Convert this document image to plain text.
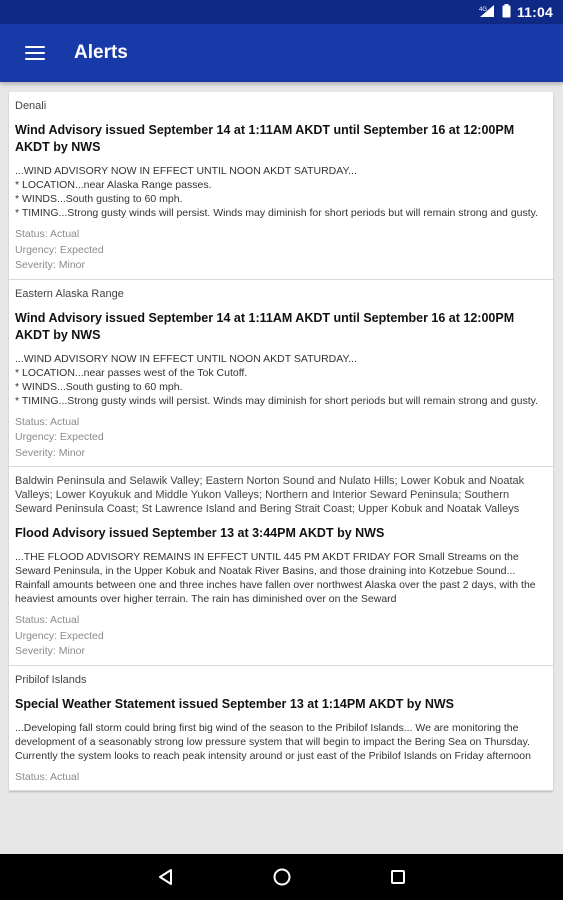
4G 11:04
Alerts
Denali
Wind Advisory issued September 14 at 1:11AM AKDT until September 16 at 12:00PM AKDT by NWS
...WIND ADVISORY NOW IN EFFECT UNTIL NOON AKDT SATURDAY...
* LOCATION...near Alaska Range passes.
* WINDS...South gusting to 60 mph.
* TIMING...Strong gusty winds will persist. Winds may diminish for short periods but will remain strong and gusty.
Status: Actual
Urgency: Expected
Severity: Minor
Eastern Alaska Range
Wind Advisory issued September 14 at 1:11AM AKDT until September 16 at 12:00PM AKDT by NWS
...WIND ADVISORY NOW IN EFFECT UNTIL NOON AKDT SATURDAY...
* LOCATION...near passes west of the Tok Cutoff.
* WINDS...South gusting to 60 mph.
* TIMING...Strong gusty winds will persist. Winds may diminish for short periods but will remain strong and gusty.
Status: Actual
Urgency: Expected
Severity: Minor
Baldwin Peninsula and Selawik Valley; Eastern Norton Sound and Nulato Hills; Lower Kobuk and Noatak Valleys; Lower Koyukuk and Middle Yukon Valleys; Northern and Interior Seward Peninsula; Southern Seward Peninsula Coast; St Lawrence Island and Bering Strait Coast; Upper Kobuk and Noatak Valleys
Flood Advisory issued September 13 at 3:44PM AKDT by NWS
...THE FLOOD ADVISORY REMAINS IN EFFECT UNTIL 445 PM AKDT FRIDAY FOR Small Streams on the Seward Peninsula, in the Upper Kobuk and Noatak River Basins, and those draining into Kotzebue Sound... Rainfall amounts between one and three inches have fallen over northwest Alaska over the past 2 days, with the heaviest amounts over higher terrain. The rain has diminished over on the Seward
Status: Actual
Urgency: Expected
Severity: Minor
Pribilof Islands
Special Weather Statement issued September 13 at 1:14PM AKDT by NWS
...Developing fall storm could bring first big wind of the season to the Pribilof Islands... We are monitoring the development of a seasonably strong low pressure system that will begin to impact the Bering Sea on Thursday. Currently the system looks to reach peak intensity around or just east of the Pribilof Islands on Friday afternoon
Status: Actual
